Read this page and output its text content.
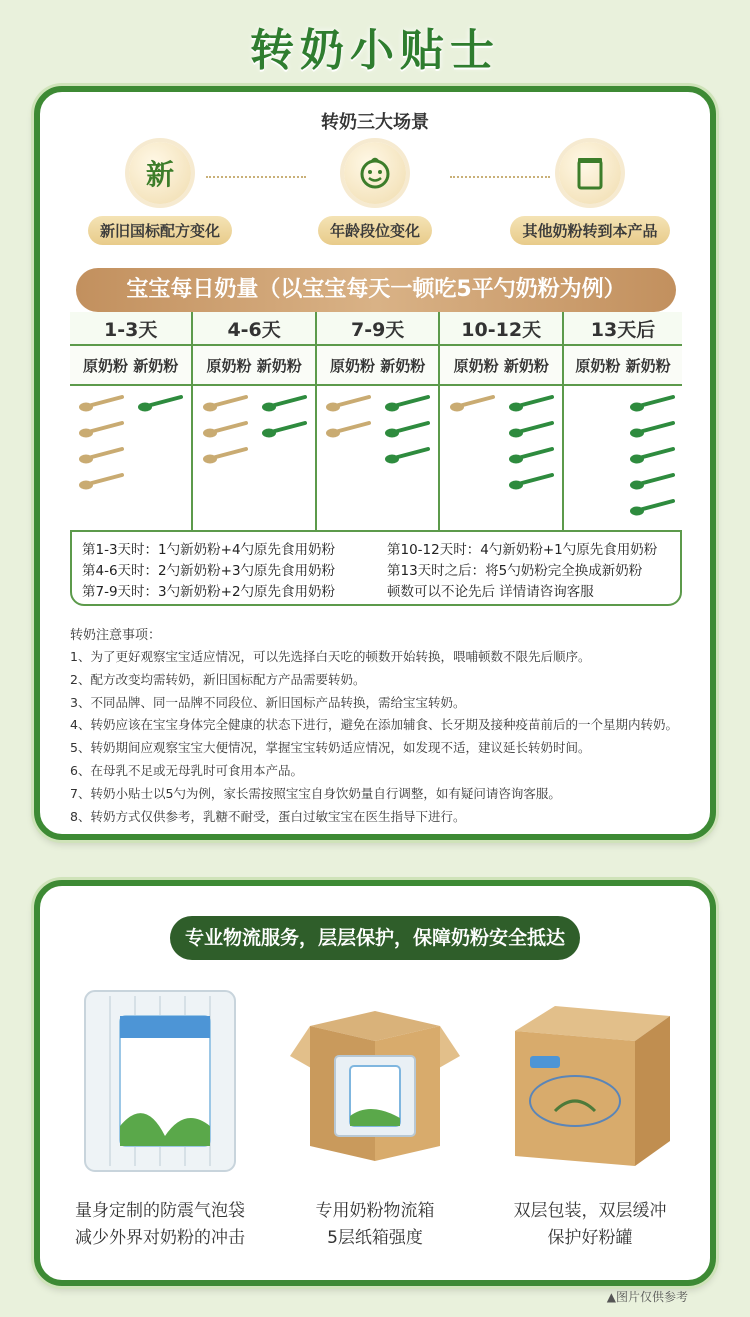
转奶小贴士
转奶三大场景
新
新旧国标配方变化	年龄段位变化	其他奶粉转到本产品
宝宝每日奶量（以宝宝每天一顿吃5平勺奶粉为例）
1-3天	4-6天	7-9天	10-12天	13天后
原奶粉 新奶粉	原奶粉 新奶粉	原奶粉 新奶粉	原奶粉 新奶粉	原奶粉 新奶粉

第1-3天时：1勺新奶粉+4勺原先食用奶粉
第4-6天时：2勺新奶粉+3勺原先食用奶粉
第7-9天时：3勺新奶粉+2勺原先食用奶粉
第10-12天时：4勺新奶粉+1勺原先食用奶粉
第13天时之后：将5勺奶粉完全换成新奶粉
顿数可以不论先后 详情请咨询客服
转奶注意事项：
1、为了更好观察宝宝适应情况，可以先选择白天吃的顿数开始转换，喂哺顿数不限先后顺序。
2、配方改变均需转奶，新旧国标配方产品需要转奶。
3、不同品牌、同一品牌不同段位、新旧国标产品转换，需给宝宝转奶。
4、转奶应该在宝宝身体完全健康的状态下进行，避免在添加辅食、长牙期及接种疫苗前后的一个星期内转奶。
5、转奶期间应观察宝宝大便情况，掌握宝宝转奶适应情况，如发现不适，建议延长转奶时间。
6、在母乳不足或无母乳时可食用本产品。
7、转奶小贴士以5勺为例，家长需按照宝宝自身饮奶量自行调整，如有疑问请咨询客服。
8、转奶方式仅供参考，乳糖不耐受，蛋白过敏宝宝在医生指导下进行。
专业物流服务，层层保护，保障奶粉安全抵达
量身定制的防震气泡袋
减少外界对奶粉的冲击
专用奶粉物流箱
5层纸箱强度
双层包装，双层缓冲
保护好粉罐
▲图片仅供参考
